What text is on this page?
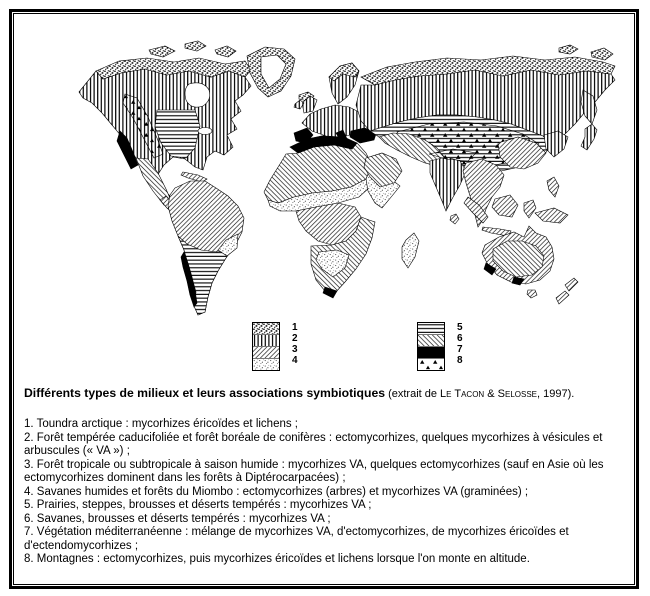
1
2
3
4
5
6
7
8
Différents types de milieux et leurs associations symbiotiques (extrait de Le Tacon & Selosse, 1997).
1. Toundra arctique : mycorhizes éricoïdes et lichens ;
2. Forêt tempérée caducifoliée et forêt boréale de conifères : ectomycorhizes, quelques mycorhizes à vésicules et arbuscules (« VA ») ;
3. Forêt tropicale ou subtropicale à saison humide : mycorhizes VA, quelques ectomycorhizes (sauf en Asie où les ectomycorhizes dominent dans les forêts à Diptérocarpacées) ;
4. Savanes humides et forêts du Miombo : ectomycorhizes (arbres) et mycorhizes VA (graminées) ;
5. Prairies, steppes, brousses et déserts tempérés : mycorhizes VA ;
6. Savanes, brousses et déserts tempérés : mycorhizes VA ;
7. Végétation méditerranéenne : mélange de mycorhizes VA, d'ectomycorhizes, de mycorhizes éricoïdes et d'ectendomycorhizes ;
8. Montagnes : ectomycorhizes, puis mycorhizes éricoïdes et lichens lorsque l'on monte en altitude.
